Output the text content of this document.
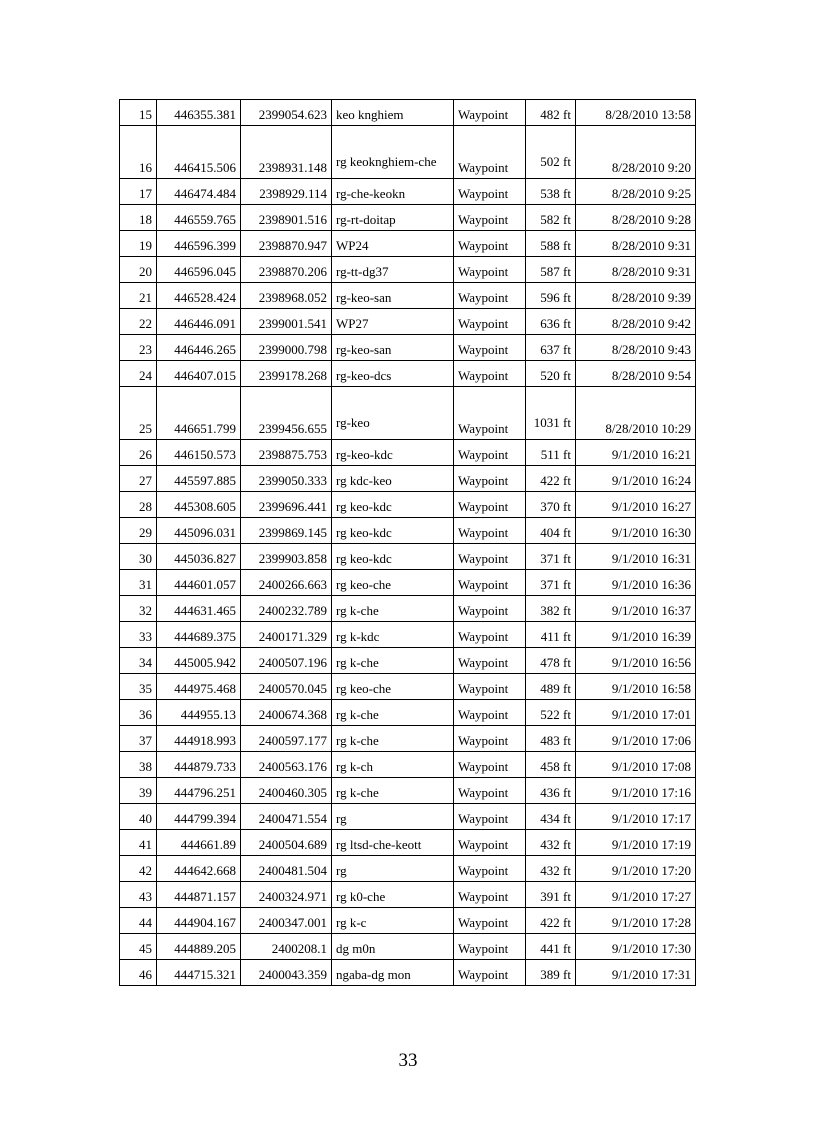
15	446355.381	2399054.623	keo knghiem	Waypoint	482 ft	8/28/2010 13:58
16	446415.506	2398931.148	rg keoknghiem-che	Waypoint	502 ft	8/28/2010 9:20
17	446474.484	2398929.114	rg-che-keokn	Waypoint	538 ft	8/28/2010 9:25
18	446559.765	2398901.516	rg-rt-doitap	Waypoint	582 ft	8/28/2010 9:28
19	446596.399	2398870.947	WP24	Waypoint	588 ft	8/28/2010 9:31
20	446596.045	2398870.206	rg-tt-dg37	Waypoint	587 ft	8/28/2010 9:31
21	446528.424	2398968.052	rg-keo-san	Waypoint	596 ft	8/28/2010 9:39
22	446446.091	2399001.541	WP27	Waypoint	636 ft	8/28/2010 9:42
23	446446.265	2399000.798	rg-keo-san	Waypoint	637 ft	8/28/2010 9:43
24	446407.015	2399178.268	rg-keo-dcs	Waypoint	520 ft	8/28/2010 9:54
25	446651.799	2399456.655	rg-keo	Waypoint	1031 ft	8/28/2010 10:29
26	446150.573	2398875.753	rg-keo-kdc	Waypoint	511 ft	9/1/2010 16:21
27	445597.885	2399050.333	rg kdc-keo	Waypoint	422 ft	9/1/2010 16:24
28	445308.605	2399696.441	rg keo-kdc	Waypoint	370 ft	9/1/2010 16:27
29	445096.031	2399869.145	rg keo-kdc	Waypoint	404 ft	9/1/2010 16:30
30	445036.827	2399903.858	rg keo-kdc	Waypoint	371 ft	9/1/2010 16:31
31	444601.057	2400266.663	rg keo-che	Waypoint	371 ft	9/1/2010 16:36
32	444631.465	2400232.789	rg k-che	Waypoint	382 ft	9/1/2010 16:37
33	444689.375	2400171.329	rg k-kdc	Waypoint	411 ft	9/1/2010 16:39
34	445005.942	2400507.196	rg k-che	Waypoint	478 ft	9/1/2010 16:56
35	444975.468	2400570.045	rg keo-che	Waypoint	489 ft	9/1/2010 16:58
36	444955.13	2400674.368	rg k-che	Waypoint	522 ft	9/1/2010 17:01
37	444918.993	2400597.177	rg k-che	Waypoint	483 ft	9/1/2010 17:06
38	444879.733	2400563.176	rg k-ch	Waypoint	458 ft	9/1/2010 17:08
39	444796.251	2400460.305	rg k-che	Waypoint	436 ft	9/1/2010 17:16
40	444799.394	2400471.554	rg	Waypoint	434 ft	9/1/2010 17:17
41	444661.89	2400504.689	rg ltsd-che-keott	Waypoint	432 ft	9/1/2010 17:19
42	444642.668	2400481.504	rg	Waypoint	432 ft	9/1/2010 17:20
43	444871.157	2400324.971	rg k0-che	Waypoint	391 ft	9/1/2010 17:27
44	444904.167	2400347.001	rg k-c	Waypoint	422 ft	9/1/2010 17:28
45	444889.205	2400208.1	dg m0n	Waypoint	441 ft	9/1/2010 17:30
46	444715.321	2400043.359	ngaba-dg mon	Waypoint	389 ft	9/1/2010 17:31
33
